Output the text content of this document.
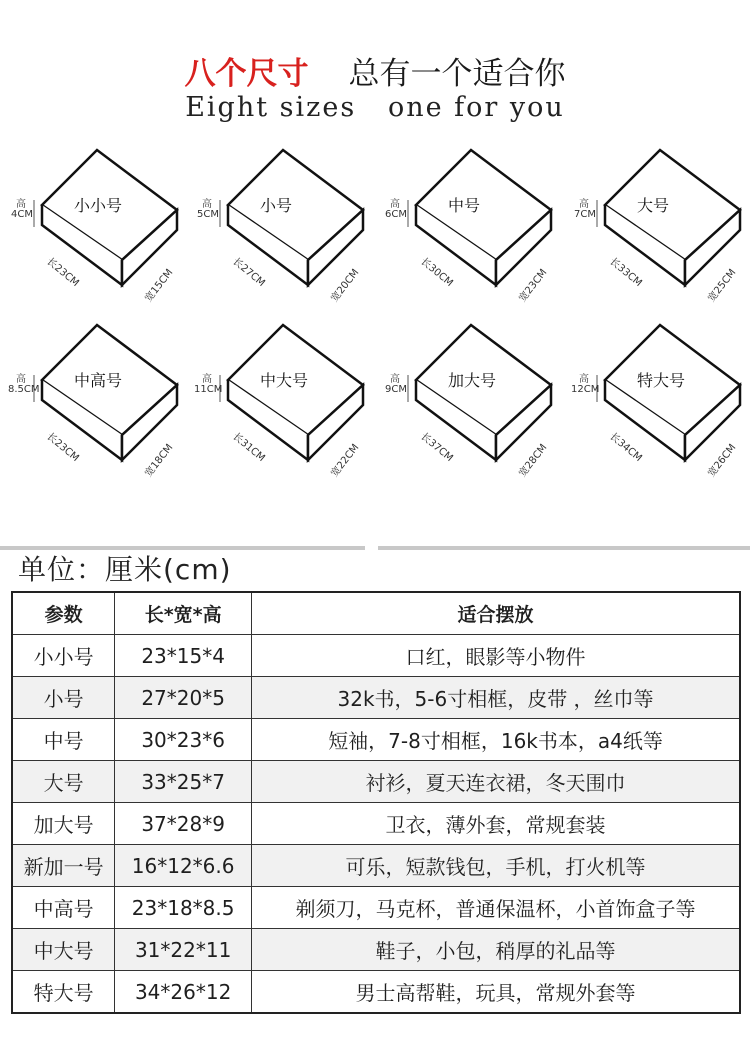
八个尺寸 总有一个适合你
Eight sizes   one for you
小小号
高
4CM
长23CM	宽15CM
小号
高
5CM
长27CM	宽20CM
中号
高
6CM
长30CM	宽23CM
大号
高
7CM
长33CM	宽25CM
中高号
高
8.5CM
长23CM	宽18CM
中大号
高
11CM
长31CM	宽22CM
加大号
高
9CM
长37CM	宽28CM
特大号
高
12CM
长34CM	宽26CM
单位：厘米(cm)
参数	长*宽*高	适合摆放
小小号	23*15*4	口红，眼影等小物件
小号	27*20*5	32k书，5-6寸相框，皮带 ，丝巾等
中号	30*23*6	短袖，7-8寸相框，16k书本，a4纸等
大号	33*25*7	衬衫，夏天连衣裙，冬天围巾
加大号	37*28*9	卫衣，薄外套，常规套装
新加一号	16*12*6.6	可乐，短款钱包，手机，打火机等
中高号	23*18*8.5	剃须刀，马克杯，普通保温杯，小首饰盒子等
中大号	31*22*11	鞋子，小包，稍厚的礼品等
特大号	34*26*12	男士高帮鞋，玩具，常规外套等
